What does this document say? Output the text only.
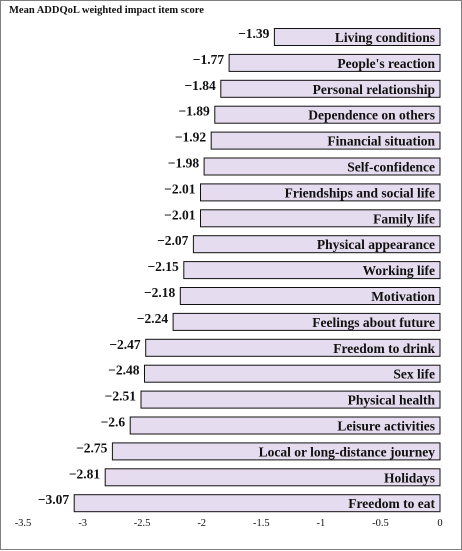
Mean ADDQoL weighted impact item score
Living conditions
−1.39
People's reaction
−1.77
Personal relationship
−1.84
Dependence on others
−1.89
Financial situation
−1.92
Self-confidence
−1.98
Friendships and social life
−2.01
Family life
−2.01
Physical appearance
−2.07
Working life
−2.15
Motivation
−2.18
Feelings about future
−2.24
Freedom to drink
−2.47
Sex life
−2.48
Physical health
−2.51
Leisure activities
−2.6
Local or long-distance journey
−2.75
Holidays
−2.81
Freedom to eat
−3.07
-3.5	-3	-2.5	-2	-1.5	-1	-0.5	0
